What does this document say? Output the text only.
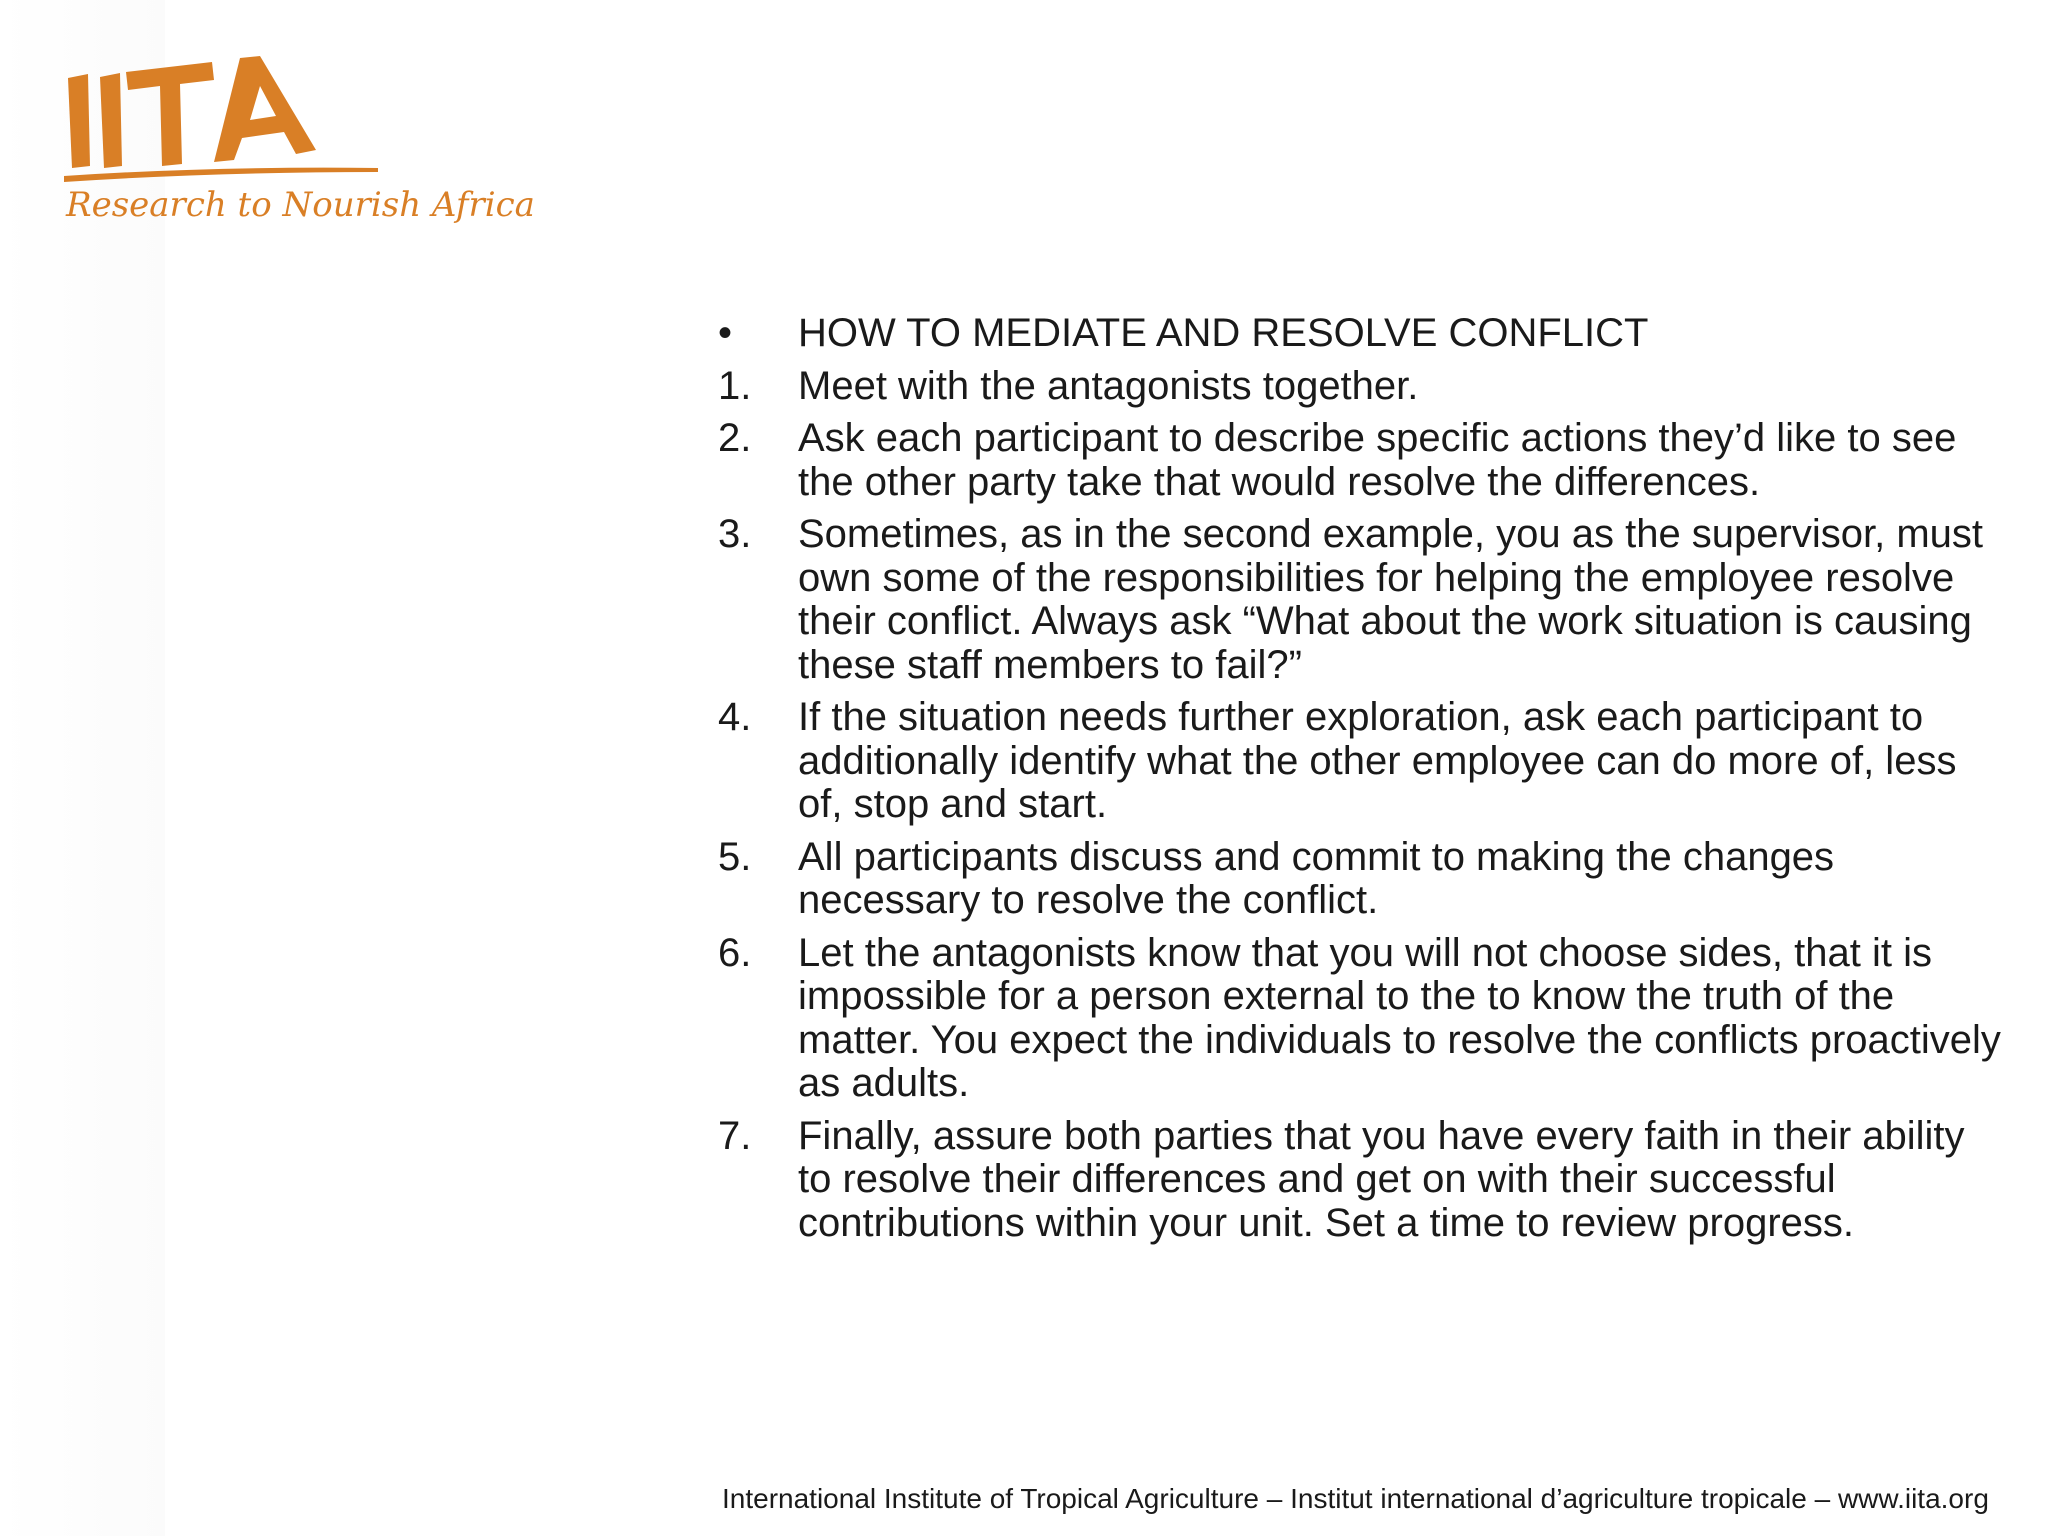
Research to Nourish Africa
•	HOW TO MEDIATE AND RESOLVE CONFLICT
1.	Meet with the antagonists together.
2.	Ask each participant to describe specific actions they’d like to see the other party take that would resolve the differences.
3.	Sometimes, as in the second example, you as the supervisor, must own some of the responsibilities for helping the employee resolve their conflict. Always ask “What about the work situation is causing these staff members to fail?”
4.	If the situation needs further exploration, ask each participant to additionally identify what the other employee can do more of, less of, stop and start.
5.	All participants discuss and commit to making the changes necessary to resolve the conflict.
6.	Let the antagonists know that you will not choose sides, that it is impossible for a person external to the to know the truth of the matter. You expect the individuals to resolve the conflicts proactively as adults.
7.	Finally, assure both parties that you have every faith in their ability to resolve their differences and get on with their successful contributions within your unit. Set a time to review progress.
International Institute of Tropical Agriculture – Institut international d’agriculture tropicale – www.iita.org
